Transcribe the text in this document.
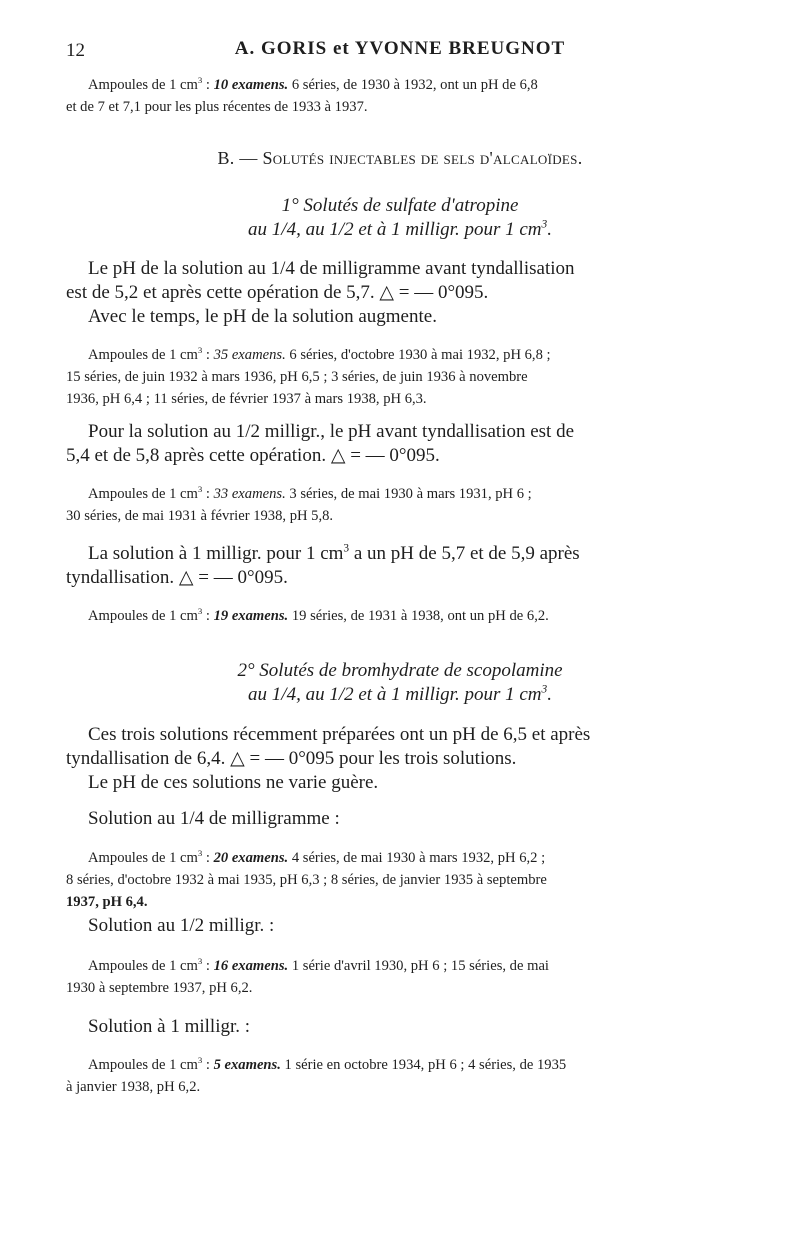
12	A. GORIS et YVONNE BREUGNOT
Ampoules de 1 $cm^3$ : 10 examens. 6 séries, de 1930 à 1932, ont un pH de 6,8
et de 7 et 7,1 pour les plus récentes de 1933 à 1937.
B. — Solutés injectables de sels d'alcaloïdes.
1° Solutés de sulfate d'atropine
au 1/4, au 1/2 et à 1 milligr. pour 1 $cm^3$.
Le pH de la solution au 1/4 de milligramme avant tyndallisation
est de 5,2 et après cette opération de 5,7. △ = — 0°095.
Avec le temps, le pH de la solution augmente.
Ampoules de 1 $cm^3$ : 35 examens. 6 séries, d'octobre 1930 à mai 1932, pH 6,8 ;
15 séries, de juin 1932 à mars 1936, pH 6,5 ; 3 séries, de juin 1936 à novembre
1936, pH 6,4 ; 11 séries, de février 1937 à mars 1938, pH 6,3.
Pour la solution au 1/2 milligr., le pH avant tyndallisation est de
5,4 et de 5,8 après cette opération. △ = — 0°095.
Ampoules de 1 $cm^3$ : 33 examens. 3 séries, de mai 1930 à mars 1931, pH 6 ;
30 séries, de mai 1931 à février 1938, pH 5,8.
La solution à 1 milligr. pour 1 $cm^3$ a un pH de 5,7 et de 5,9 après
tyndallisation. △ = — 0°095.
Ampoules de 1 $cm^3$ : 19 examens. 19 séries, de 1931 à 1938, ont un pH de 6,2.
2° Solutés de bromhydrate de scopolamine
au 1/4, au 1/2 et à 1 milligr. pour 1 $cm^3$.
Ces trois solutions récemment préparées ont un pH de 6,5 et après
tyndallisation de 6,4. △ = — 0°095 pour les trois solutions.
Le pH de ces solutions ne varie guère.
Solution au 1/4 de milligramme :
Ampoules de 1 $cm^3$ : 20 examens. 4 séries, de mai 1930 à mars 1932, pH 6,2 ;
8 séries, d'octobre 1932 à mai 1935, pH 6,3 ; 8 séries, de janvier 1935 à septembre
1937, pH 6,4.
Solution au 1/2 milligr. :
Ampoules de 1 $cm^3$ : 16 examens. 1 série d'avril 1930, pH 6 ; 15 séries, de mai
1930 à septembre 1937, pH 6,2.
Solution à 1 milligr. :
Ampoules de 1 $cm^3$ : 5 examens. 1 série en octobre 1934, pH 6 ; 4 séries, de 1935
à janvier 1938, pH 6,2.
